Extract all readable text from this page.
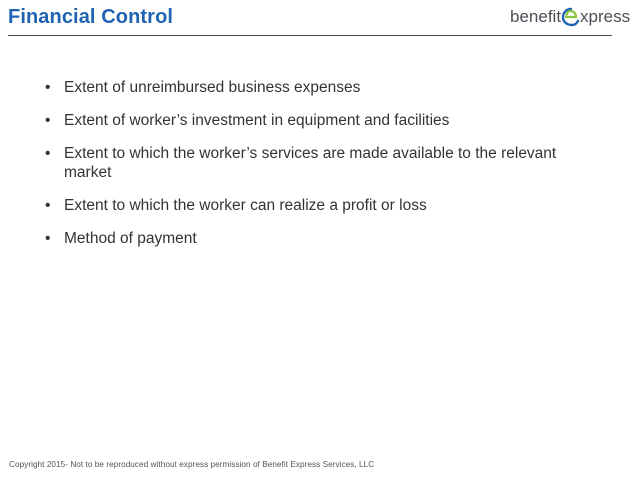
Financial Control	benefit xpress
• Extent of unreimbursed business expenses
• Extent of worker’s investment in equipment and facilities
• Extent to which the worker’s services are made available to the relevant market
• Extent to which the worker can realize a profit or loss
• Method of payment
Copyright 2015- Not to be reproduced without express permission of Benefit Express Services, LLC
